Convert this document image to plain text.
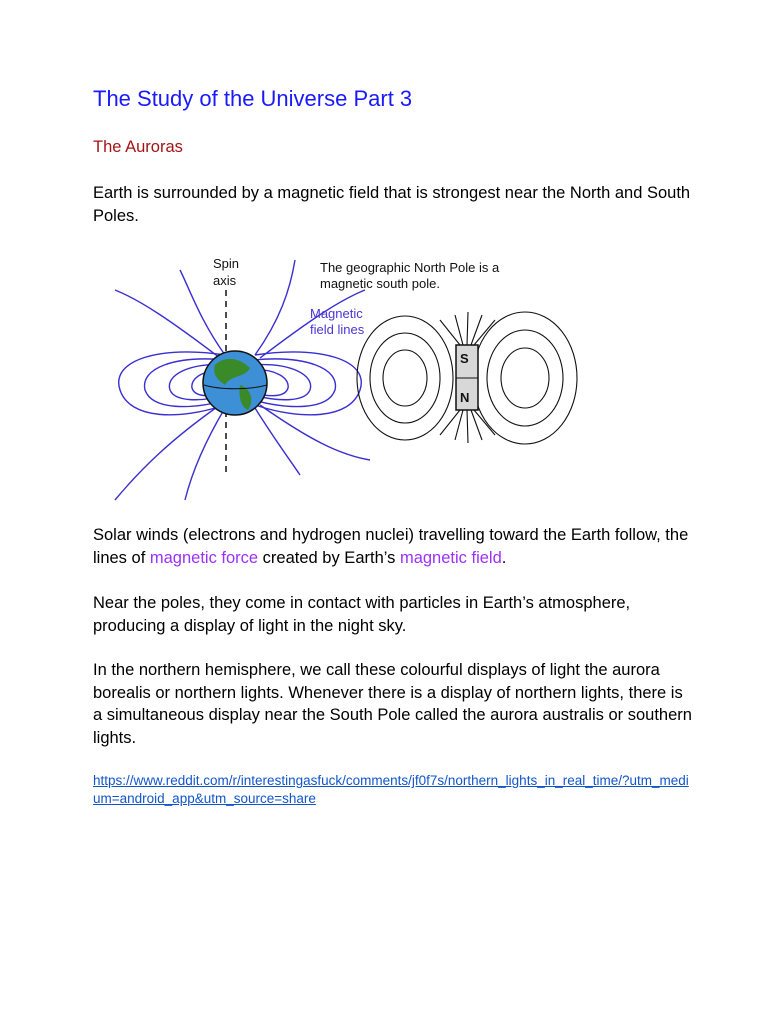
The Study of the Universe Part 3
The Auroras

Earth is surrounded by a magnetic field that is strongest near the North and South Poles.

Spin
axis
Magnetic
field lines
The geographic North Pole is a
magnetic south pole.
S
N

Solar winds (electrons and hydrogen nuclei) travelling toward the Earth follow, the lines of magnetic force created by Earth’s magnetic field.

Near the poles, they come in contact with particles in Earth’s atmosphere, producing a display of light in the night sky.

In the northern hemisphere, we call these colourful displays of light the aurora borealis or northern lights. Whenever there is a display of northern lights, there is a simultaneous display near the South Pole called the aurora australis or southern lights.

https://www.reddit.com/r/interestingasfuck/comments/jf0f7s/northern_lights_in_real_time/?utm_medium=android_app&utm_source=share
